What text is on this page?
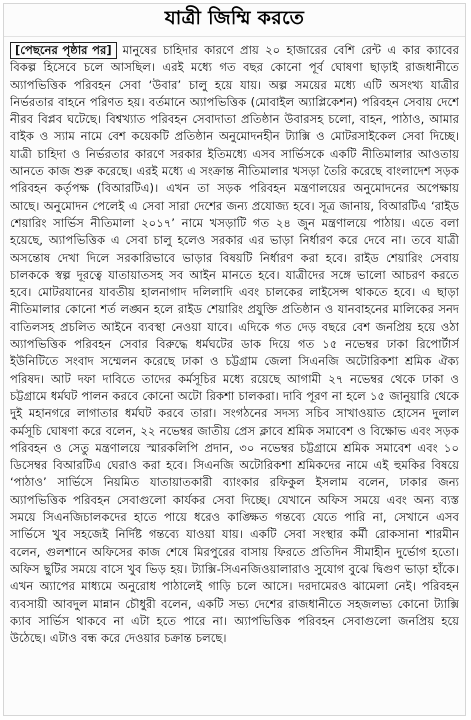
যাত্রী জিম্মি করতে
[পেছনের পৃষ্ঠার পর] মানুষের চাহিদার কারণে প্রায় ২০ হাজারের বেশি রেন্ট এ কার ক্যাবের বিকল্প হিসেবে চলে আসছিল। এরই মধ্যে গত বছর কোনো পূর্ব ঘোষণা ছাড়াই রাজধানীতে অ্যাপভিত্তিক পরিবহন সেবা ‘উবার’ চালু হয়ে যায়। অল্প সময়ের মধ্যে এটি অসংখ্য যাত্রীর নির্ভরতার বাহনে পরিণত হয়। বর্তমানে অ্যাপভিত্তিক (মোবাইল অ্যাপ্লিকেশন) পরিবহন সেবায় দেশে নীরব বিপ্লব ঘটেছে। বিশ্বখ্যাত পরিবহন সেবাদাতা প্রতিষ্ঠান উবারসহ চলো, বাহন, পাঠাও, আমার বাইক ও স্যাম নামে বেশ কয়েকটি প্রতিষ্ঠান অনুমোদনহীন ট্যাক্সি ও মোটরসাইকেল সেবা দিচ্ছে। যাত্রী চাহিদা ও নির্ভরতার কারণে সরকার ইতিমধ্যে এসব সার্ভিসকে একটি নীতিমালার আওতায় আনতে কাজ শুরু করেছে। এরই মধ্যে এ সংক্রান্ত নীতিমালার খসড়া তৈরি করেছে বাংলাদেশ সড়ক পরিবহন কর্তৃপক্ষ (বিআরটিএ)। এখন তা সড়ক পরিবহন মন্ত্রণালয়ের অনুমোদনের অপেক্ষায় আছে। অনুমোদন পেলেই এ সেবা সারা দেশের জন্য প্রযোজ্য হবে। সূত্র জানায়, বিআরটিএ ‘রাইড শেয়ারিং সার্ভিস নীতিমালা ২০১৭’ নামে খসড়াটি গত ২৪ জুন মন্ত্রণালয়ে পাঠায়। এতে বলা হয়েছে, অ্যাপভিত্তিক এ সেবা চালু হলেও সরকার এর ভাড়া নির্ধারণ করে দেবে না। তবে যাত্রী অসন্তোষ দেখা দিলে সরকারিভাবে ভাড়ার বিষয়টি নির্ধারণ করা হবে। রাইড শেয়ারিং সেবায় চালককে স্বল্প দূরত্বে যাতায়াতসহ সব আইন মানতে হবে। যাত্রীদের সঙ্গে ভালো আচরণ করতে হবে। মোটরযানের যাবতীয় হালনাগাদ দলিলাদি এবং চালকের লাইসেন্স থাকতে হবে। এ ছাড়া নীতিমালার কোনো শর্ত লঙ্ঘন হলে রাইড শেয়ারিং প্রযুক্তি প্রতিষ্ঠান ও যানবাহনের মালিকের সনদ বাতিলসহ প্রচলিত আইনে ব্যবস্থা নেওয়া যাবে। এদিকে গত দেড় বছরে বেশ জনপ্রিয় হয়ে ওঠা অ্যাপভিত্তিক পরিবহন সেবার বিরুদ্ধে ধর্মঘটের ডাক দিয়ে গত ১৫ নভেম্বর ঢাকা রিপোর্টার্স ইউনিটিতে সংবাদ সম্মেলন করেছে ঢাকা ও চট্টগ্রাম জেলা সিএনজি অটোরিকশা শ্রমিক ঐক্য পরিষদ। আট দফা দাবিতে তাদের কর্মসূচির মধ্যে রয়েছে আগামী ২৭ নভেম্বর থেকে ঢাকা ও চট্টগ্রামে ধর্মঘট পালন করবে কোনো অটো রিকশা চালকরা। দাবি পূরণ না হলে ১৫ জানুয়ারি থেকে দুই মহানগরে লাগাতার ধর্মঘট করবে তারা। সংগঠনের সদস্য সচিব সাখাওয়াত হোসেন দুলাল কর্মসূচি ঘোষণা করে বলেন, ২২ নভেম্বর জাতীয় প্রেস ক্লাবে শ্রমিক সমাবেশ ও বিক্ষোভ এবং সড়ক পরিবহন ও সেতু মন্ত্রণালয়ে স্মারকলিপি প্রদান, ৩০ নভেম্বর চট্টগ্রামে শ্রমিক সমাবেশ এবং ১০ ডিসেম্বর বিআরটিএ ঘেরাও করা হবে। সিএনজি অটোরিকশা শ্রমিকদের নামে এই হুমকির বিষয়ে ‘পাঠাও’ সার্ভিসে নিয়মিত যাতায়াতকারী ব্যাংকার রফিকুল ইসলাম বলেন, ঢাকার জন্য অ্যাপভিত্তিক পরিবহন সেবাগুলো কার্যকর সেবা দিচ্ছে। যেখানে অফিস সময়ে এবং অন্য ব্যস্ত সময়ে সিএনজিচালকদের হাতে পায়ে ধরেও কাঙ্ক্ষিত গন্তব্যে যেতে পারি না, সেখানে এসব সার্ভিসে খুব সহজেই নির্দিষ্ট গন্তব্যে যাওয়া যায়। একটি সেবা সংস্থার কর্মী রোকসানা শারমীন বলেন, গুলশানে অফিসের কাজ শেষে মিরপুরের বাসায় ফিরতে প্রতিদিন সীমাহীন দুর্ভোগ হতো। অফিস ছুটির সময়ে বাসে খুব ভিড় হয়। ট্যাক্সি-সিএনজিওয়ালারাও সুযোগ বুঝে দ্বিগুণ ভাড়া হাঁকে। এখন অ্যাপের মাধ্যমে অনুরোধ পাঠালেই গাড়ি চলে আসে। দরদামেরও ঝামেলা নেই। পরিবহন ব্যবসায়ী আবদুল মান্নান চৌধুরী বলেন, একটি সভ্য দেশের রাজধানীতে সহজলভ্য কোনো ট্যাক্সি ক্যাব সার্ভিস থাকবে না এটা হতে পারে না। অ্যাপভিত্তিক পরিবহন সেবাগুলো জনপ্রিয় হয়ে উঠেছে। এটাও বন্ধ করে দেওয়ার চক্রান্ত চলছে।
